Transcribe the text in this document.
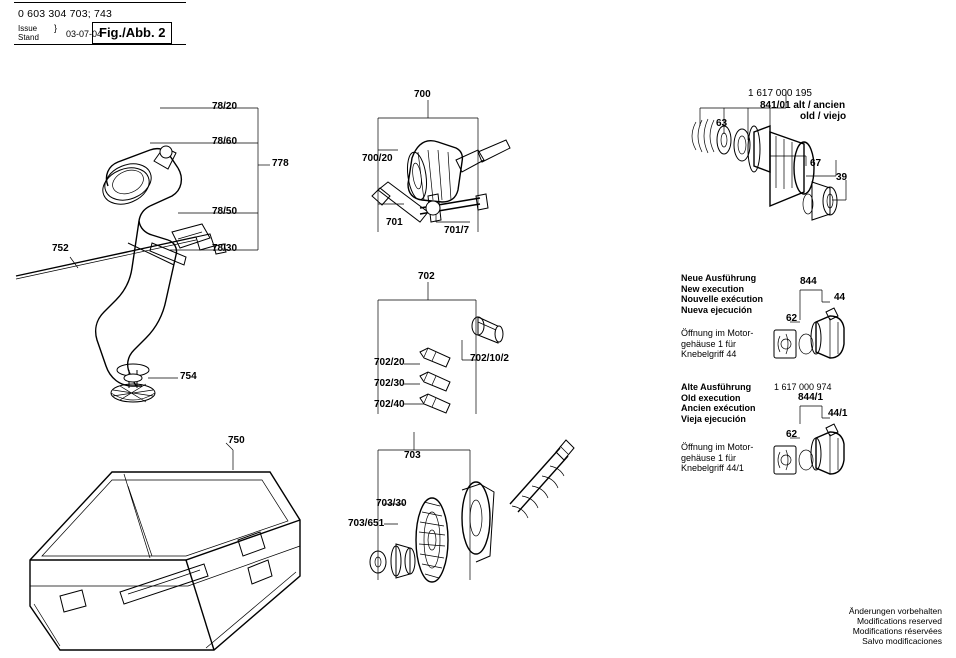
0 603 304 703; 743
Issue
Stand
}
03-07-04
Fig./Abb. 2
78/20
78/60
778
78/50
78/30
752
754
750
700
700/20
701
701/7
702
702/20
702/30
702/40
702/10/2
703
703/30
703/651
1 617 000 195
841/01 alt / ancien
old / viejo
63
67
39
Neue Ausführung
New execution
Nouvelle exécution
Nueva ejecución
Öffnung im Motor-
gehäuse 1 für
Knebelgriff 44
844
44
62
Alte Ausführung
Old execution
Ancien exécution
Vieja ejecución
1 617 000 974
Öffnung im Motor-
gehäuse 1 für
Knebelgriff 44/1
844/1
44/1
62
Änderungen vorbehalten
Modifications reserved
Modifications réservées
Salvo modificaciones
